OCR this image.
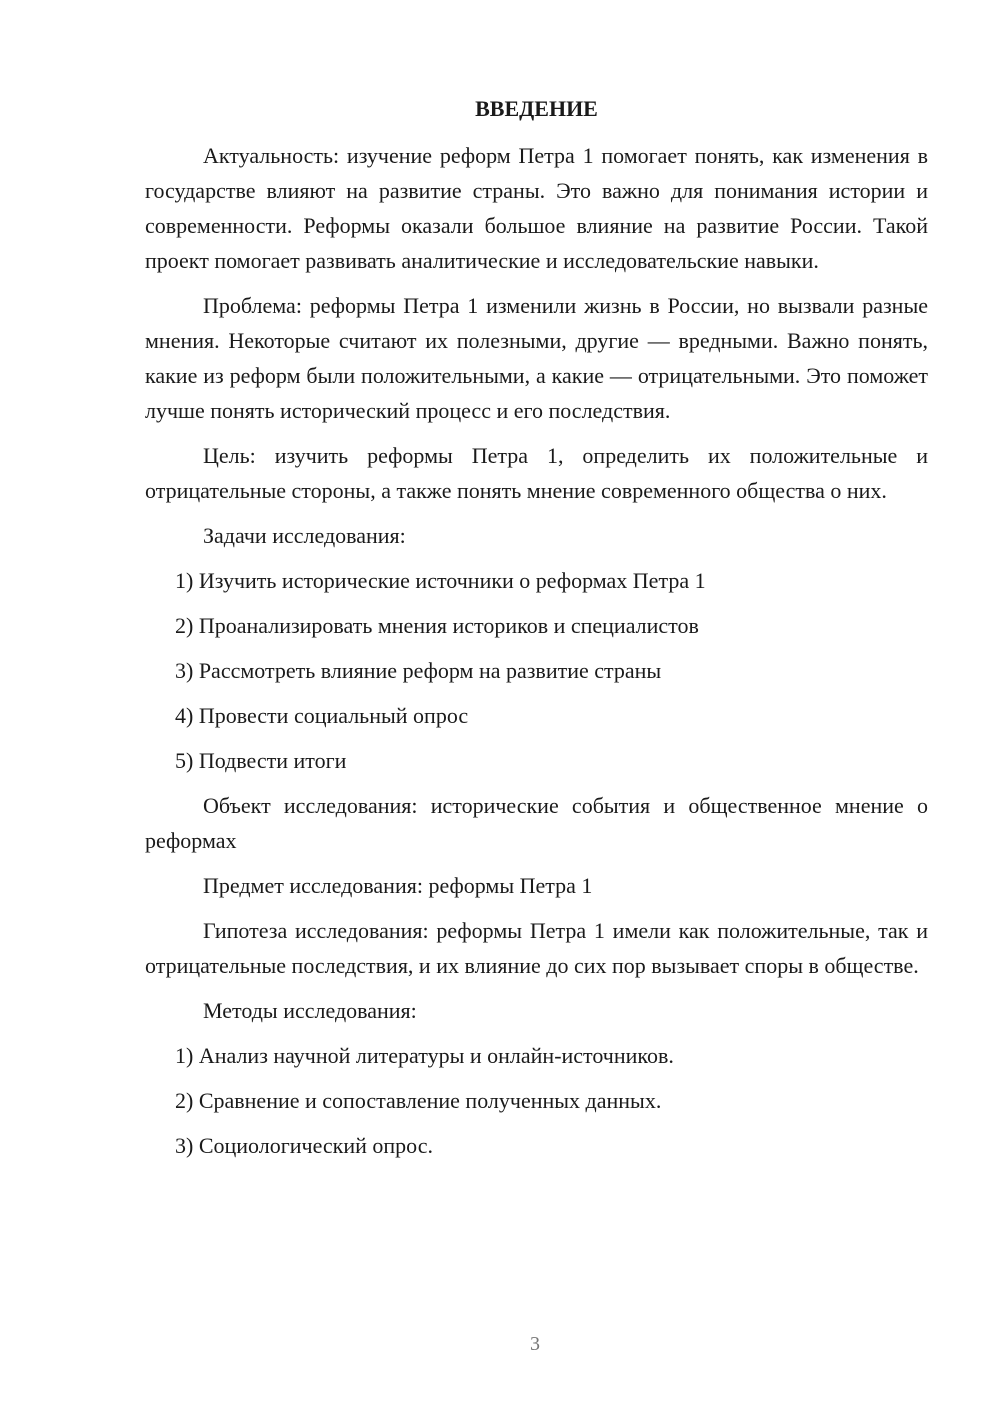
ВВЕДЕНИЕ

Актуальность: изучение реформ Петра 1 помогает понять, как изменения в государстве влияют на развитие страны. Это важно для понимания истории и современности. Реформы оказали большое влияние на развитие России. Такой проект помогает развивать аналитические и исследовательские навыки.

Проблема: реформы Петра 1 изменили жизнь в России, но вызвали разные мнения. Некоторые считают их полезными, другие — вредными. Важно понять, какие из реформ были положительными, а какие — отрицательными. Это поможет лучше понять исторический процесс и его последствия.

Цель: изучить реформы Петра 1, определить их положительные и отрицательные стороны, а также понять мнение современного общества о них.

Задачи исследования:

1) Изучить исторические источники о реформах Петра 1

2) Проанализировать мнения историков и специалистов

3) Рассмотреть влияние реформ на развитие страны

4) Провести социальный опрос

5) Подвести итоги

Объект исследования: исторические события и общественное мнение о реформах

Предмет исследования: реформы Петра 1

Гипотеза исследования: реформы Петра 1 имели как положительные, так и отрицательные последствия, и их влияние до сих пор вызывает споры в обществе.

Методы исследования:

1) Анализ научной литературы и онлайн-источников.

2) Сравнение и сопоставление полученных данных.

3) Социологический опрос.

3
